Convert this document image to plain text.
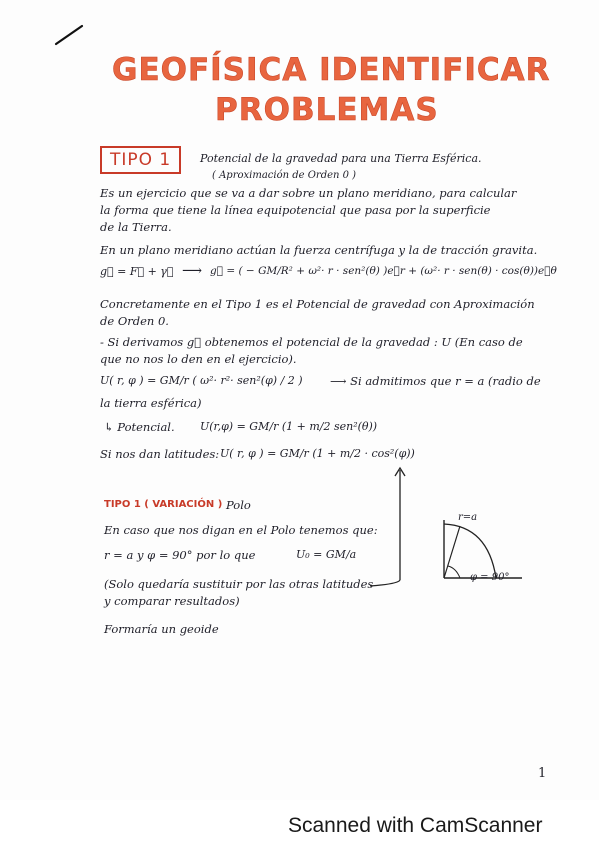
GEOFÍSICA IDENTIFICAR
PROBLEMAS
TIPO 1	Potencial de la gravedad para una Tierra Esférica.
( Aproximación de Orden 0 )
Es un ejercicio que se va a dar sobre un plano meridiano, para calcular
la forma que tiene la línea equipotencial que pasa por la superficie
de la Tierra.
En un plano meridiano actúan la fuerza centrífuga y la de tracción gravita.
g⃗ = F⃗ + γ⃗ ⟶ g⃗ = ( − GM/R² + ω²· r · sen²(θ) )e⃗r + (ω²· r · sen(θ) · cos(θ))e⃗θ
Concretamente en el Tipo 1 es el Potencial de gravedad con Aproximación
de Orden 0.
- Si derivamos g⃗ obtenemos el potencial de la gravedad : U (En caso de
que no nos lo den en el ejercicio).
U( r, φ ) = GM/r ( ω²· r²· sen²(φ) / 2 ) ⟶ Si admitimos que r = a (radio de
la tierra esférica)
↳ Potencial. U(r,φ) = GM/r (1 + m/2 sen²(θ))
Si nos dan latitudes: U( r, φ ) = GM/r (1 + m/2 · cos²(φ))
TIPO 1 ( VARIACIÓN ) Polo
En caso que nos digan en el Polo tenemos que:
r = a y φ = 90° por lo que	U₀ = GM/a
(Solo quedaría sustituir por las otras latitudes
y comparar resultados)
Formaría un geoide
r=a
φ = 90°
1
Scanned with CamScanner
